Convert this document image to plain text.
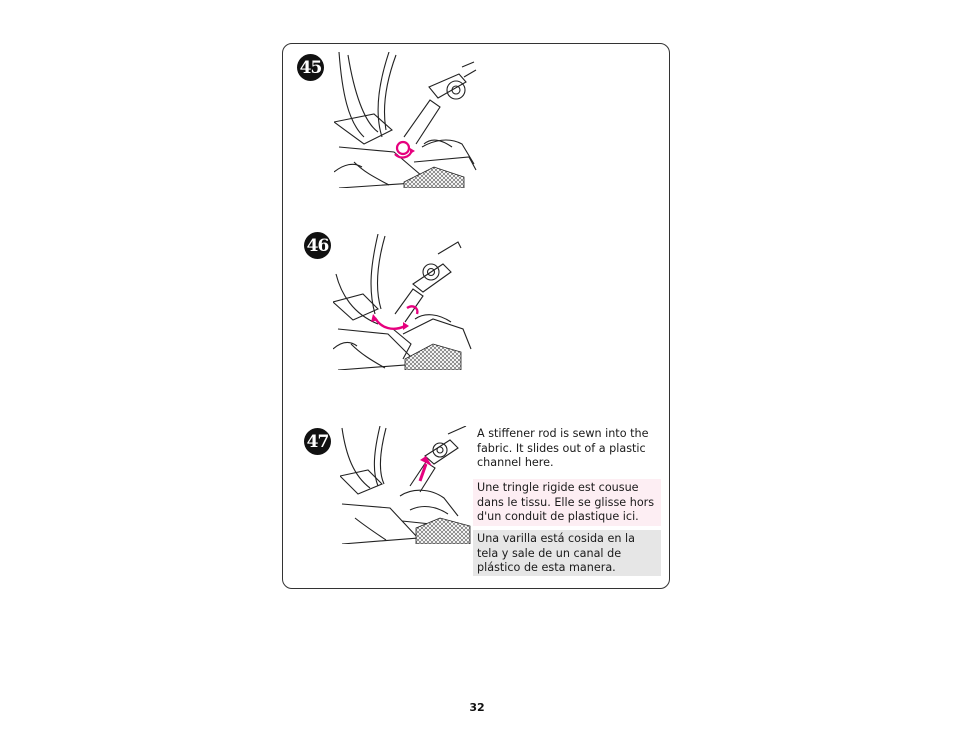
45
46
47	A stiffener rod is sewn into the fabric. It slides out of a plastic channel here.
Une tringle rigide est cousue dans le tissu. Elle se glisse hors d'un conduit de plastique ici.
Una varilla está cosida en la tela y sale de un canal de plástico de esta manera.
32
